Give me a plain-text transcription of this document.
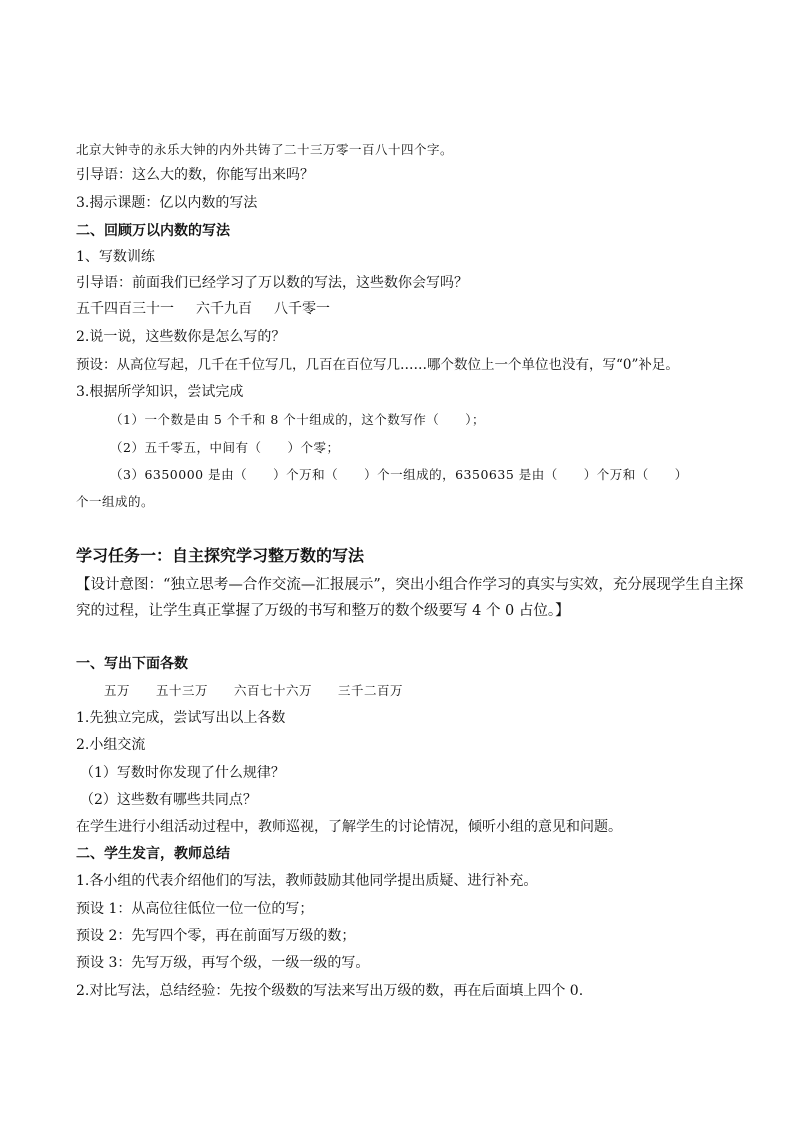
北京大钟寺的永乐大钟的内外共铸了二十三万零一百八十四个字。
引导语：这么大的数，你能写出来吗？
3.揭示课题：亿以内数的写法
二、回顾万以内数的写法
1、写数训练
引导语：前面我们已经学习了万以数的写法，这些数你会写吗？
五千四百三十一 六千九百 八千零一
2.说一说，这些数你是怎么写的？
预设：从高位写起，几千在千位写几，几百在百位写几……哪个数位上一个单位也没有，写“0”补足。
3.根据所学知识，尝试完成
（1）一个数是由 5 个千和 8 个十组成的，这个数写作（　　）；
（2）五千零五，中间有（　　）个零；
（3）6350000 是由（　　）个万和（　　）个一组成的，6350635 是由（　　）个万和（　　）
个一组成的。
学习任务一：自主探究学习整万数的写法
【设计意图：“独立思考—合作交流—汇报展示”，突出小组合作学习的真实与实效，充分展现学生自主探
究的过程，让学生真正掌握了万级的书写和整万的数个级要写 4 个 0 占位。】
一、写出下面各数
五万 五十三万 六百七十六万 三千二百万
1.先独立完成，尝试写出以上各数
2.小组交流
（1）写数时你发现了什么规律？
（2）这些数有哪些共同点？
在学生进行小组活动过程中，教师巡视，了解学生的讨论情况，倾听小组的意见和问题。
二、学生发言，教师总结
1.各小组的代表介绍他们的写法，教师鼓励其他同学提出质疑、进行补充。
预设 1：从高位往低位一位一位的写；
预设 2：先写四个零，再在前面写万级的数；
预设 3：先写万级，再写个级，一级一级的写。
2.对比写法，总结经验：先按个级数的写法来写出万级的数，再在后面填上四个 0.
